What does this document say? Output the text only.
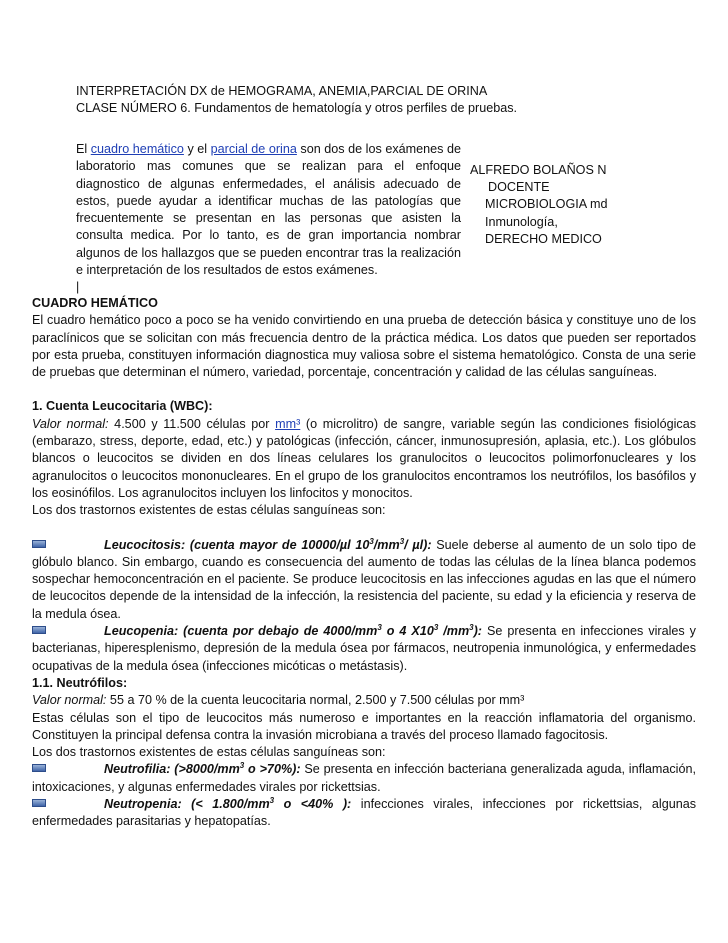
INTERPRETACIÓN DX de HEMOGRAMA, ANEMIA,PARCIAL DE ORINA
CLASE NÚMERO 6. Fundamentos de hematología y otros perfiles de pruebas.
El cuadro hemático y el parcial de orina son dos de los exámenes de laboratorio mas comunes que se realizan para el enfoque diagnostico de algunas enfermedades, el análisis adecuado de estos, puede ayudar a identificar muchas de las patologías que frecuentemente se presentan en las personas que asisten la consulta medica. Por lo tanto, es de gran importancia nombrar algunos de los hallazgos que se pueden encontrar tras la realización e interpretación de los resultados de estos exámenes.
|
ALFREDO BOLAÑOS N
DOCENTE
MICROBIOLOGIA md
Inmunología,
DERECHO MEDICO
CUADRO HEMÁTICO
El cuadro hemático poco a poco se ha venido convirtiendo en una prueba de detección básica y constituye uno de los paraclínicos que se solicitan con más frecuencia dentro de la práctica médica. Los datos que pueden ser reportados por esta prueba, constituyen información diagnostica muy valiosa sobre el sistema hematológico. Consta de una serie de pruebas que determinan el número, variedad, porcentaje, concentración y calidad de las células sanguíneas.
1. Cuenta Leucocitaria (WBC):
Valor normal: 4.500 y 11.500 células por mm³ (o microlitro) de sangre, variable según las condiciones fisiológicas (embarazo, stress, deporte, edad, etc.) y patológicas (infección, cáncer, inmunosupresión, aplasia, etc.). Los glóbulos blancos o leucocitos se dividen en dos líneas celulares los granulocitos o leucocitos polimorfonucleares y los agranulocitos o leucocitos mononucleares. En el grupo de los granulocitos encontramos los neutrófilos, los basófilos y los eosinófilos. Los agranulocitos incluyen los linfocitos y monocitos.
Los dos trastornos existentes de estas células sanguíneas son:
Leucocitosis: (cuenta mayor de 10000/µl $10^3/mm^3/$ µl): Suele deberse al aumento de un solo tipo de glóbulo blanco. Sin embargo, cuando es consecuencia del aumento de todas las células de la línea blanca podemos sospechar hemoconcentración en el paciente. Se produce leucocitosis en las infecciones agudas en las que el número de leucocitos depende de la intensidad de la infección, la resistencia del paciente, su edad y la eficiencia y reserva de la medula ósea.
Leucopenia: (cuenta por debajo de $4000/mm^3$ o 4 $X10^3$ $/mm^3$): Se presenta en infecciones virales y bacterianas, hiperesplenismo, depresión de la medula ósea por fármacos, neutropenia inmunológica, y enfermedades ocupativas de la medula ósea (infecciones micóticas o metástasis).
1.1. Neutrófilos:
Valor normal: 55 a 70 % de la cuenta leucocitaria normal, 2.500 y 7.500 células por mm³
Estas células son el tipo de leucocitos más numeroso e importantes en la reacción inflamatoria del organismo. Constituyen la principal defensa contra la invasión microbiana a través del proceso llamado fagocitosis.
Los dos trastornos existentes de estas células sanguíneas son:
Neutrofilia: ($>8000/mm^3$ o >70%): Se presenta en infección bacteriana generalizada aguda, inflamación, intoxicaciones, y algunas enfermedades virales por rickettsias.
Neutropenia: (< $1.800/mm^3$ o <40% ): infecciones virales, infecciones por rickettsias, algunas enfermedades parasitarias y hepatopatías.
